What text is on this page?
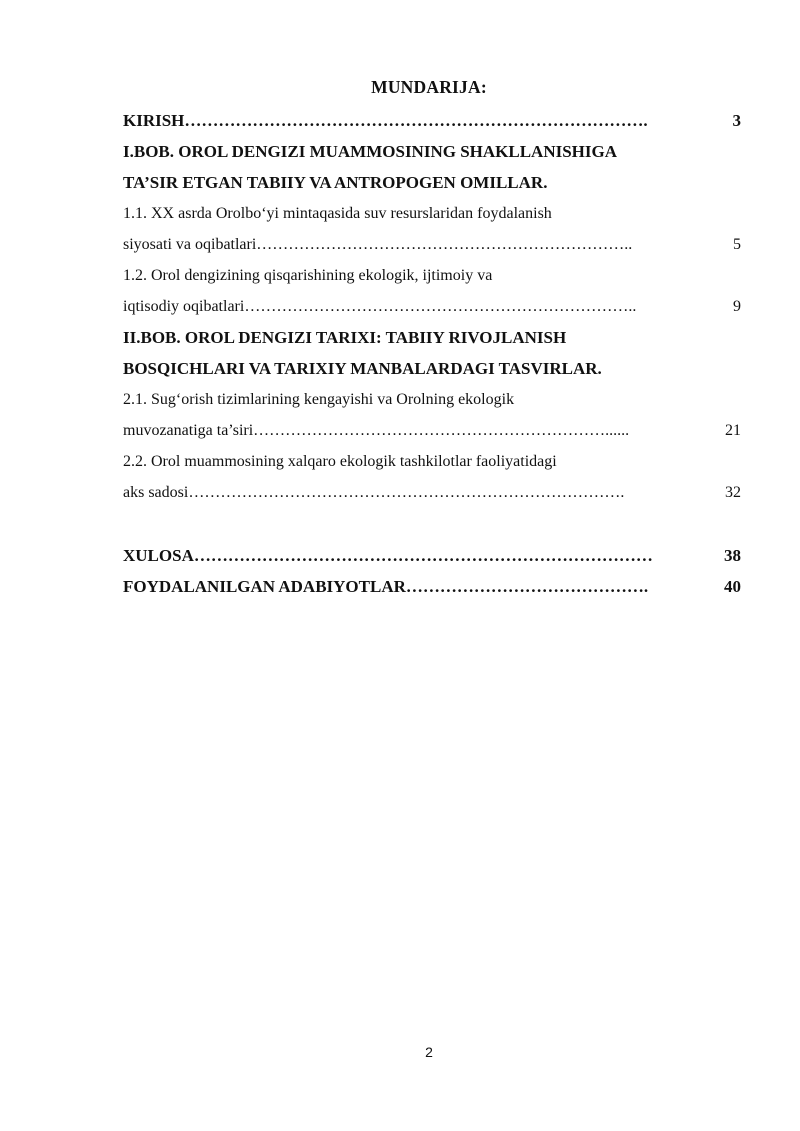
MUNDARIJA:
KIRISH……………………………………………………………………….	3
I.BOB. OROL DENGIZI MUAMMOSINING SHAKLLANISHIGA
TA’SIR ETGAN TABIIY VA ANTROPOGEN OMILLAR.
1.1. XX asrda Orolbo‘yi mintaqasida suv resurslaridan foydalanish
siyosati va oqibatlari……………………………………………………………..	5
1.2. Orol dengizining qisqarishining ekologik, ijtimoiy va
iqtisodiy oqibatlari………………………………………………………………..	9
II.BOB. OROL DENGIZI TARIXI: TABIIY RIVOJLANISH
BOSQICHLARI VA TARIXIY MANBALARDAGI TASVIRLAR.
2.1. Sug‘orish tizimlarining kengayishi va Orolning ekologik
muvozanatiga ta’siri…………………………………………………………......	21
2.2. Orol muammosining xalqaro ekologik tashkilotlar faoliyatidagi
aks sadosi……………………………………………………………………….	32
XULOSA………………………………………………………………………	38
FOYDALANILGAN ADABIYOTLAR…………………………………….	40
2
